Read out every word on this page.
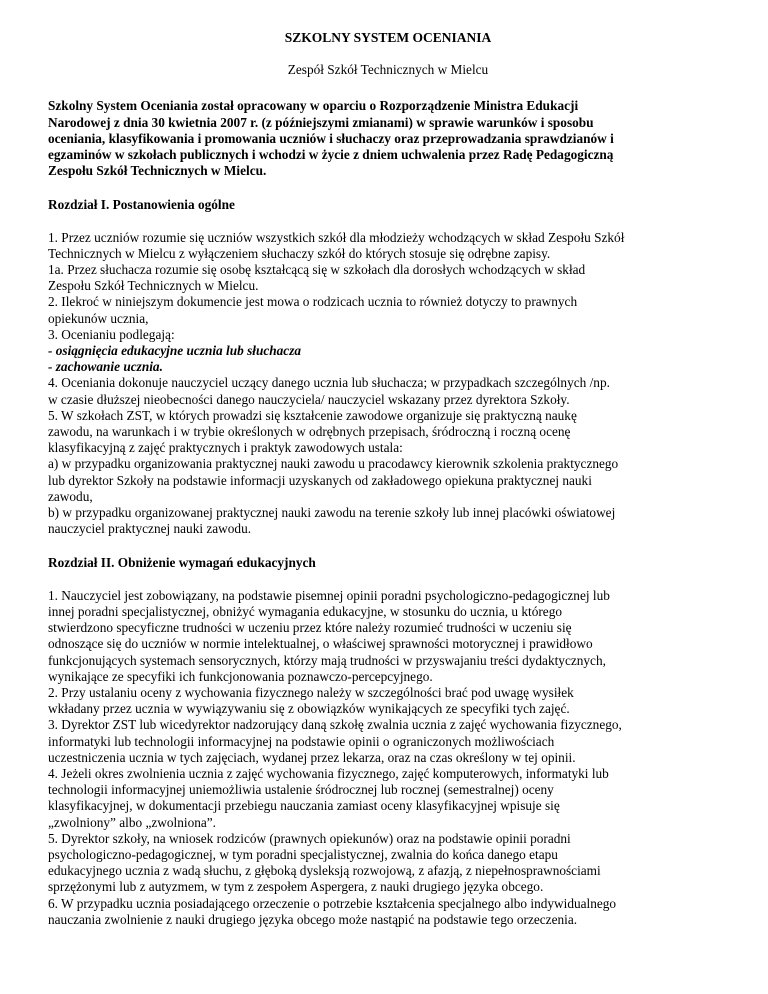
SZKOLNY SYSTEM OCENIANIA

Zespół Szkół Technicznych w Mielcu

Szkolny System Oceniania został opracowany w oparciu o Rozporządzenie Ministra Edukacji
Narodowej z dnia 30 kwietnia 2007 r. (z późniejszymi zmianami) w sprawie warunków i sposobu
oceniania, klasyfikowania i promowania uczniów i słuchaczy oraz przeprowadzania sprawdzianów i
egzaminów w szkołach publicznych i wchodzi w życie z dniem uchwalenia przez Radę Pedagogiczną
Zespołu Szkół Technicznych w Mielcu.

Rozdział I. Postanowienia ogólne

1. Przez uczniów rozumie się uczniów wszystkich szkół dla młodzieży wchodzących w skład Zespołu Szkół
Technicznych w Mielcu z wyłączeniem słuchaczy szkół do których stosuje się odrębne zapisy.
1a. Przez słuchacza rozumie się osobę kształcącą się w szkołach dla dorosłych wchodzących w skład
Zespołu Szkół Technicznych w Mielcu.
2. Ilekroć w niniejszym dokumencie jest mowa o rodzicach ucznia to również dotyczy to prawnych
opiekunów ucznia,
3. Ocenianiu podlegają:
- osiągnięcia edukacyjne ucznia lub słuchacza
- zachowanie ucznia.
4. Oceniania dokonuje nauczyciel uczący danego ucznia lub słuchacza; w przypadkach szczególnych /np.
w czasie dłuższej nieobecności danego nauczyciela/ nauczyciel wskazany przez dyrektora Szkoły.
5. W szkołach ZST, w których prowadzi się kształcenie zawodowe organizuje się praktyczną naukę
zawodu, na warunkach i w trybie określonych w odrębnych przepisach, śródroczną i roczną ocenę
klasyfikacyjną z zajęć praktycznych i praktyk zawodowych ustala:
a) w przypadku organizowania praktycznej nauki zawodu u pracodawcy kierownik szkolenia praktycznego
lub dyrektor Szkoły na podstawie informacji uzyskanych od zakładowego opiekuna praktycznej nauki
zawodu,
b) w przypadku organizowanej praktycznej nauki zawodu na terenie szkoły lub innej placówki oświatowej
nauczyciel praktycznej nauki zawodu.

Rozdział II. Obniżenie wymagań edukacyjnych

1. Nauczyciel jest zobowiązany, na podstawie pisemnej opinii poradni psychologiczno-pedagogicznej lub
innej poradni specjalistycznej, obniżyć wymagania edukacyjne, w stosunku do ucznia, u którego
stwierdzono specyficzne trudności w uczeniu przez które należy rozumieć trudności w uczeniu się
odnoszące się do uczniów w normie intelektualnej, o właściwej sprawności motorycznej i prawidłowo
funkcjonujących systemach sensorycznych, którzy mają trudności w przyswajaniu treści dydaktycznych,
wynikające ze specyfiki ich funkcjonowania poznawczo-percepcyjnego.
2. Przy ustalaniu oceny z wychowania fizycznego należy w szczególności brać pod uwagę wysiłek
wkładany przez ucznia w wywiązywaniu się z obowiązków wynikających ze specyfiki tych zajęć.
3. Dyrektor ZST lub wicedyrektor nadzorujący daną szkołę zwalnia ucznia z zajęć wychowania fizycznego,
informatyki lub technologii informacyjnej na podstawie opinii o ograniczonych możliwościach
uczestniczenia ucznia w tych zajęciach, wydanej przez lekarza, oraz na czas określony w tej opinii.
4. Jeżeli okres zwolnienia ucznia z zajęć wychowania fizycznego, zajęć komputerowych, informatyki lub
technologii informacyjnej uniemożliwia ustalenie śródrocznej lub rocznej (semestralnej) oceny
klasyfikacyjnej, w dokumentacji przebiegu nauczania zamiast oceny klasyfikacyjnej wpisuje się
„zwolniony” albo „zwolniona”.
5. Dyrektor szkoły, na wniosek rodziców (prawnych opiekunów) oraz na podstawie opinii poradni
psychologiczno-pedagogicznej, w tym poradni specjalistycznej, zwalnia do końca danego etapu
edukacyjnego ucznia z wadą słuchu, z głęboką dysleksją rozwojową, z afazją, z niepełnosprawnościami
sprzężonymi lub z autyzmem, w tym z zespołem Aspergera, z nauki drugiego języka obcego.
6. W przypadku ucznia posiadającego orzeczenie o potrzebie kształcenia specjalnego albo indywidualnego
nauczania zwolnienie z nauki drugiego języka obcego może nastąpić na podstawie tego orzeczenia.
